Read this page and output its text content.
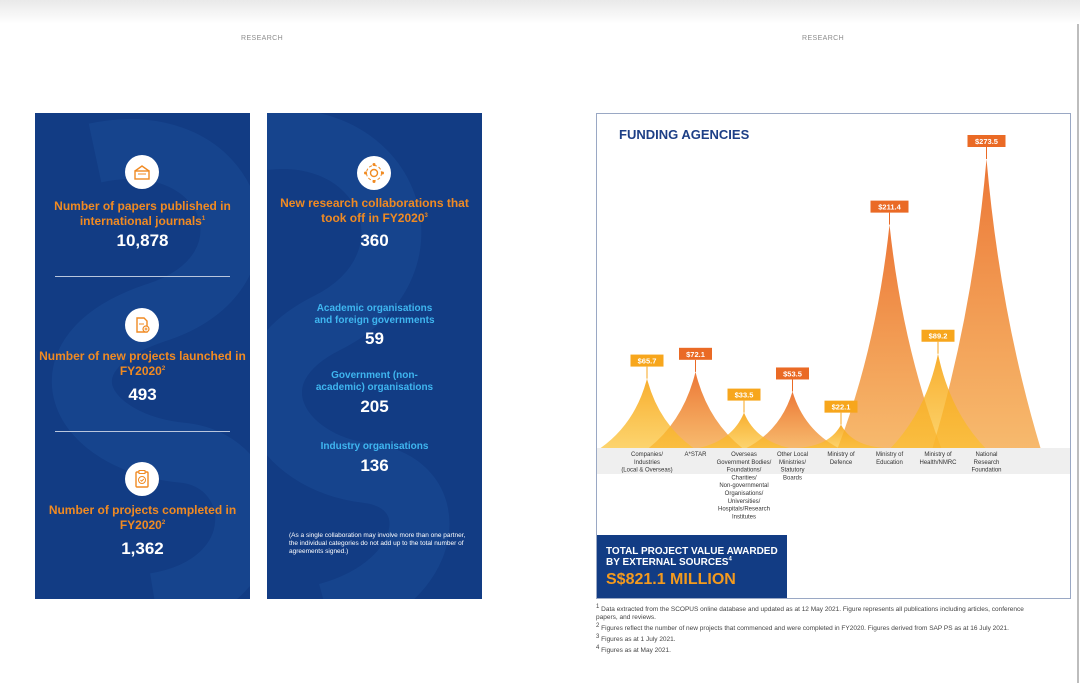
RESEARCH	RESEARCH
Number of papers published in international journals$^1$
10,878
Number of new projects launched in FY2020$^2$
493
Number of projects completed in FY2020$^2$
1,362
New research collaborations that took off in FY2020$^3$
360
Academic organisations and foreign governments
59
Government (non-academic) organisations
205
Industry organisations
136
(As a single collaboration may involve more than one partner, the individual categories do not add up to the total number of agreements signed.)
FUNDING AGENCIES
$65.7
$72.1
$33.5
$53.5
$22.1
$211.4
$89.2
$273.5
Companies/ Industries (Local & Overseas)
A*STAR	Overseas Government Bodies/ Foundations/ Charities/ Non-governmental Organisations/ Universities/ Hospitals/Research Institutes
Other Local Ministries/ Statutory Boards
Ministry of Defence
Ministry of Education
Ministry of Health/NMRC
National Research Foundation
TOTAL PROJECT VALUE AWARDED BY EXTERNAL SOURCES$^4$
S$821.1 MILLION

$^1$ Data extracted from the SCOPUS online database and updated as at 12 May 2021. Figure represents all publications including articles, conference papers, and reviews.

$^2$ Figures reflect the number of new projects that commenced and were completed in FY2020. Figures derived from SAP PS as at 16 July 2021.

$^3$ Figures as at 1 July 2021.

$^4$ Figures as at May 2021.
